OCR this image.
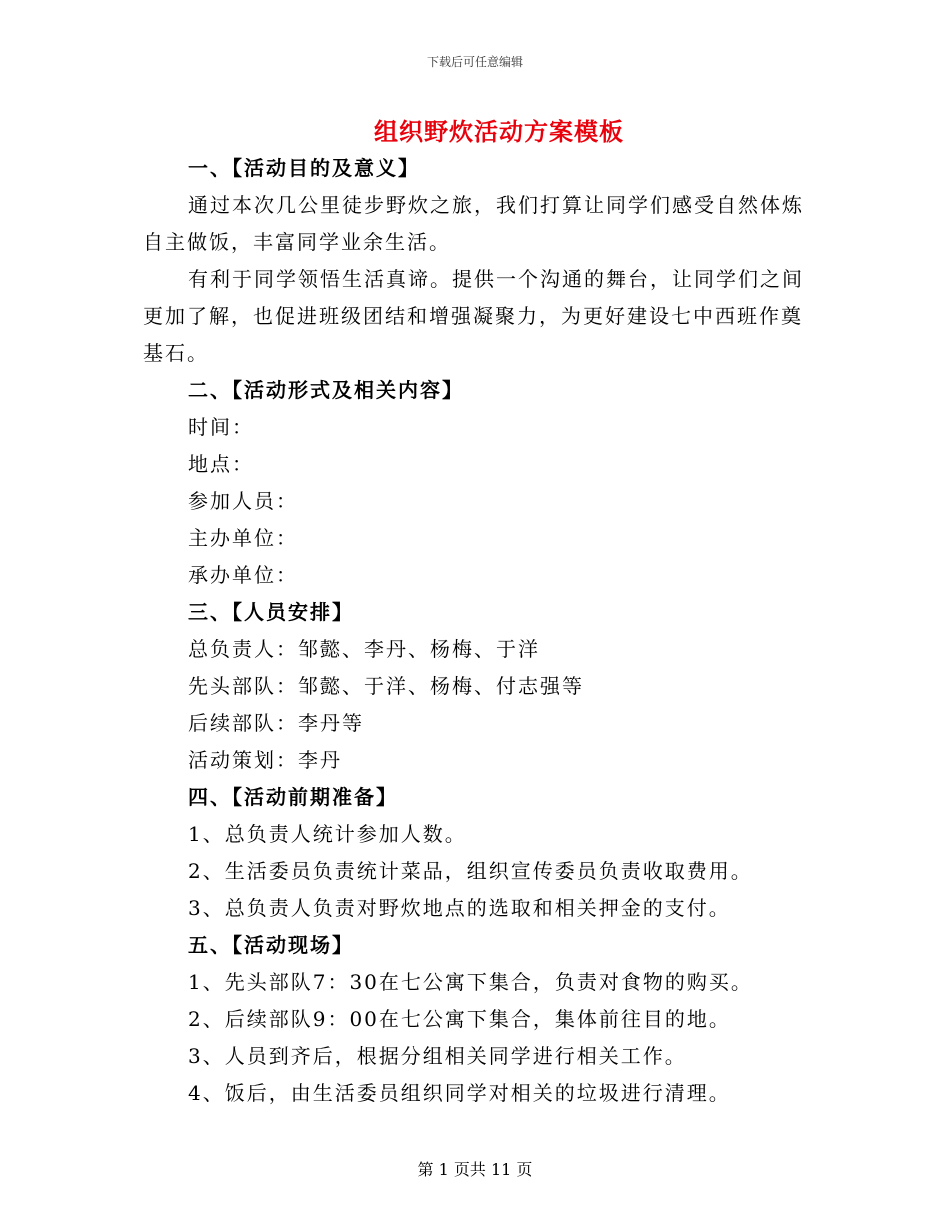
下载后可任意编辑
组织野炊活动方案模板
一、【活动目的及意义】
通过本次几公里徒步野炊之旅，我们打算让同学们感受自然体炼
自主做饭，丰富同学业余生活。
有利于同学领悟生活真谛。提供一个沟通的舞台，让同学们之间
更加了解，也促进班级团结和增强凝聚力，为更好建设七中西班作奠
基石。
二、【活动形式及相关内容】
时间：
地点：
参加人员：
主办单位：
承办单位：
三、【人员安排】
总负责人：邹懿、李丹、杨梅、于洋
先头部队：邹懿、于洋、杨梅、付志强等
后续部队：李丹等
活动策划：李丹
四、【活动前期准备】
1、总负责人统计参加人数。
2、生活委员负责统计菜品，组织宣传委员负责收取费用。
3、总负责人负责对野炊地点的选取和相关押金的支付。
五、【活动现场】
1、先头部队7：30在七公寓下集合，负责对食物的购买。
2、后续部队9：00在七公寓下集合，集体前往目的地。
3、人员到齐后，根据分组相关同学进行相关工作。
4、饭后，由生活委员组织同学对相关的垃圾进行清理。
第 1 页共 11 页
